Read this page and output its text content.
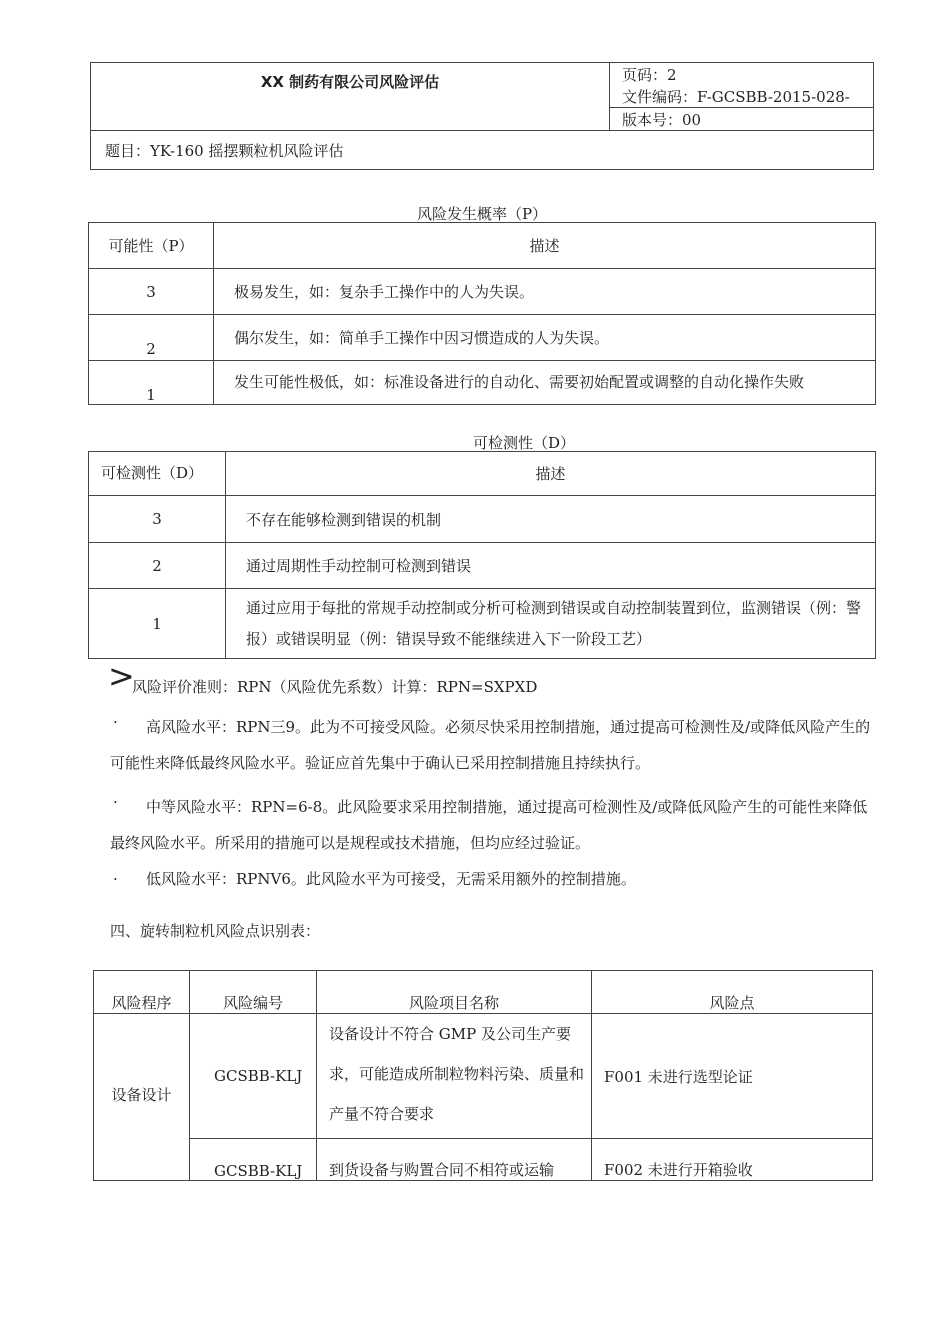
XX 制药有限公司风险评估	页码：2
文件编码：F-GCSBB-2015-028-
版本号：00
题目：YK-160 摇摆颗粒机风险评估
风险发生概率（P）
可能性（P）	描述
3	极易发生，如：复杂手工操作中的人为失误。
2	偶尔发生，如：简单手工操作中因习惯造成的人为失误。
1	发生可能性极低，如：标准设备进行的自动化、需要初始配置或调整的自动化操作失败
可检测性（D）
可检测性（D）	描述
3	不存在能够检测到错误的机制
2	通过周期性手动控制可检测到错误
1	通过应用于每批的常规手动控制或分析可检测到错误或自动控制装置到位，监测错误（例：警报）或错误明显（例：错误导致不能继续进入下一阶段工艺）
>
风险评价准则：RPN（风险优先系数）计算：RPN=SXPXD
·	高风险水平：RPN三9。此为不可接受风险。必须尽快采用控制措施，通过提高可检测性及/或降低风险产生的可能性来降低最终风险水平。验证应首先集中于确认已采用控制措施且持续执行。
·	中等风险水平：RPN=6-8。此风险要求采用控制措施，通过提高可检测性及/或降低风险产生的可能性来降低最终风险水平。所采用的措施可以是规程或技术措施，但均应经过验证。
· 低风险水平：RPNV6。此风险水平为可接受，无需采用额外的控制措施。
四、旋转制粒机风险点识别表：
风险程序	风险编号	风险项目名称	风险点
设备设计	GCSBB-KLJ	设备设计不符合 GMP 及公司生产要求，可能造成所制粒物料污染、质量和产量不符合要求	F001 未进行选型论证
	GCSBB-KLJ	到货设备与购置合同不相符或运输	F002 未进行开箱验收
